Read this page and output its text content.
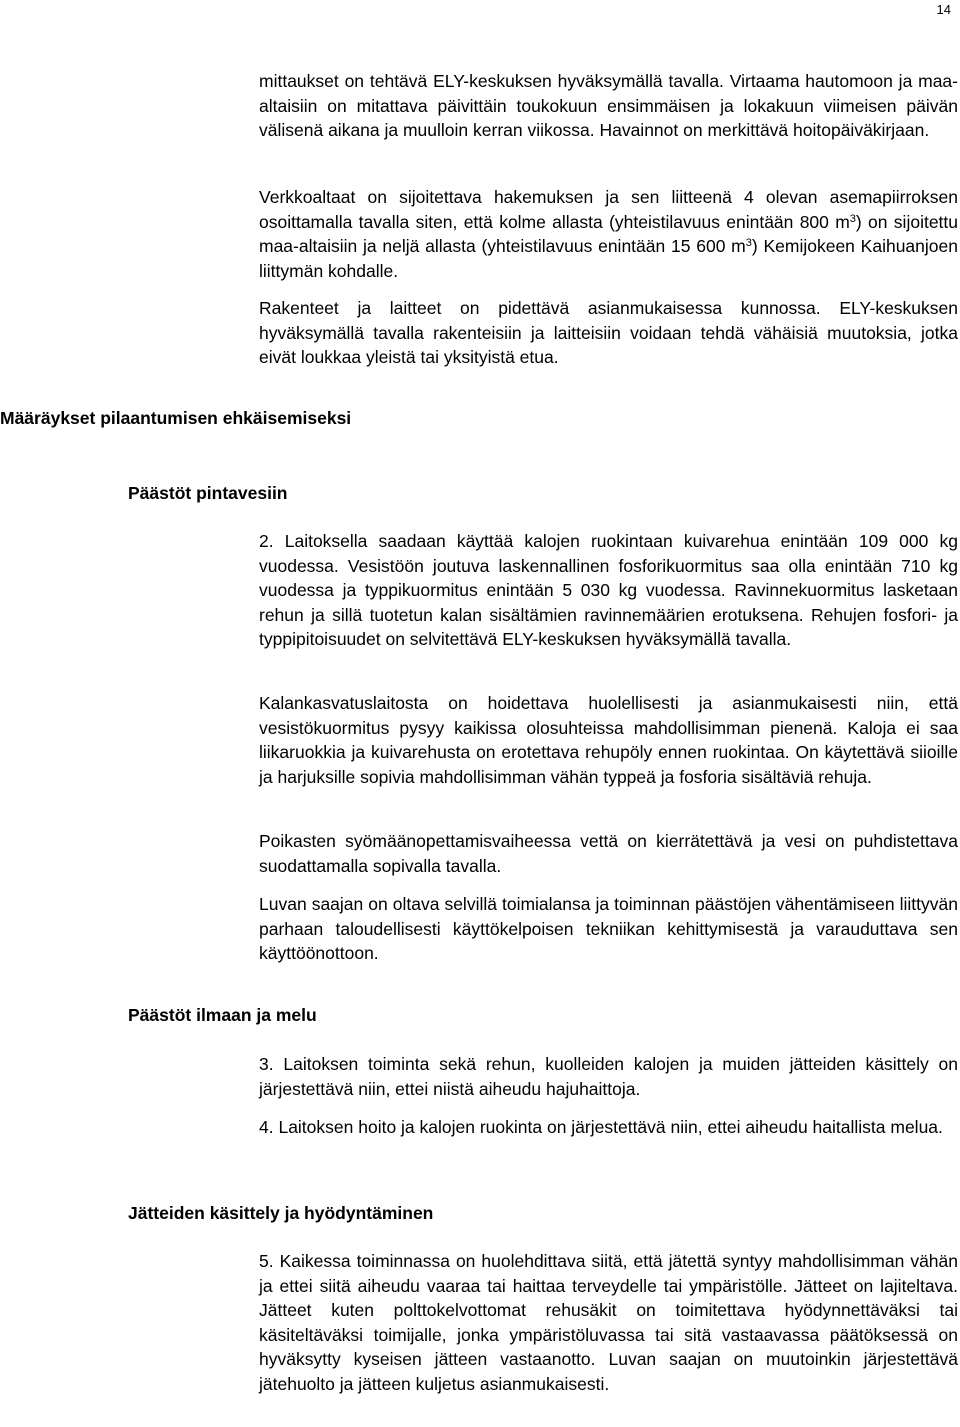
14

mittaukset on tehtävä ELY-keskuksen hyväksymällä tavalla. Virtaama hautomoon ja maa-altaisiin on mitattava päivittäin toukokuun ensimmäisen ja lokakuun viimeisen päivän välisenä aikana ja muulloin kerran viikossa. Havainnot on merkittävä hoitopäiväkirjaan.

Verkkoaltaat on sijoitettava hakemuksen ja sen liitteenä 4 olevan asemapiirroksen osoittamalla tavalla siten, että kolme allasta (yhteistilavuus enintään 800 $m^3$) on sijoitettu maa-altaisiin ja neljä allasta (yhteistilavuus enintään 15 600 $m^3$) Kemijokeen Kaihuanjoen liittymän kohdalle.

Rakenteet ja laitteet on pidettävä asianmukaisessa kunnossa. ELY-keskuksen hyväksymällä tavalla rakenteisiin ja laitteisiin voidaan tehdä vähäisiä muutoksia, jotka eivät loukkaa yleistä tai yksityistä etua.

Määräykset pilaantumisen ehkäisemiseksi
Päästöt pintavesiin

2. Laitoksella saadaan käyttää kalojen ruokintaan kuivarehua enintään 109 000 kg vuodessa. Vesistöön joutuva laskennallinen fosforikuormitus saa olla enintään 710 kg vuodessa ja typpikuormitus enintään 5 030 kg vuodessa. Ravinnekuormitus lasketaan rehun ja sillä tuotetun kalan sisältämien ravinnemäärien erotuksena. Rehujen fosfori- ja typpipitoisuudet on selvitettävä ELY-keskuksen hyväksymällä tavalla.

Kalankasvatuslaitosta on hoidettava huolellisesti ja asianmukaisesti niin, että vesistökuormitus pysyy kaikissa olosuhteissa mahdollisimman pienenä. Kaloja ei saa liikaruokkia ja kuivarehusta on erotettava rehupöly ennen ruokintaa. On käytettävä siioille ja harjuksille sopivia mahdollisimman vähän typpeä ja fosforia sisältäviä rehuja.

Poikasten syömäänopettamisvaiheessa vettä on kierrätettävä ja vesi on puhdistettava suodattamalla sopivalla tavalla.

Luvan saajan on oltava selvillä toimialansa ja toiminnan päästöjen vähentämiseen liittyvän parhaan taloudellisesti käyttökelpoisen tekniikan kehittymisestä ja varauduttava sen käyttöönottoon.

Päästöt ilmaan ja melu

3. Laitoksen toiminta sekä rehun, kuolleiden kalojen ja muiden jätteiden käsittely on järjestettävä niin, ettei niistä aiheudu hajuhaittoja.

4. Laitoksen hoito ja kalojen ruokinta on järjestettävä niin, ettei aiheudu haitallista melua.

Jätteiden käsittely ja hyödyntäminen

5. Kaikessa toiminnassa on huolehdittava siitä, että jätettä syntyy mahdollisimman vähän ja ettei siitä aiheudu vaaraa tai haittaa terveydelle tai ympäristölle. Jätteet on lajiteltava. Jätteet kuten polttokelvottomat rehusäkit on toimitettava hyödynnettäväksi tai käsiteltäväksi toimijalle, jonka ympäristöluvassa tai sitä vastaavassa päätöksessä on hyväksytty kyseisen jätteen vastaanotto. Luvan saajan on muutoinkin järjestettävä jätehuolto ja jätteen kuljetus asianmukaisesti.
